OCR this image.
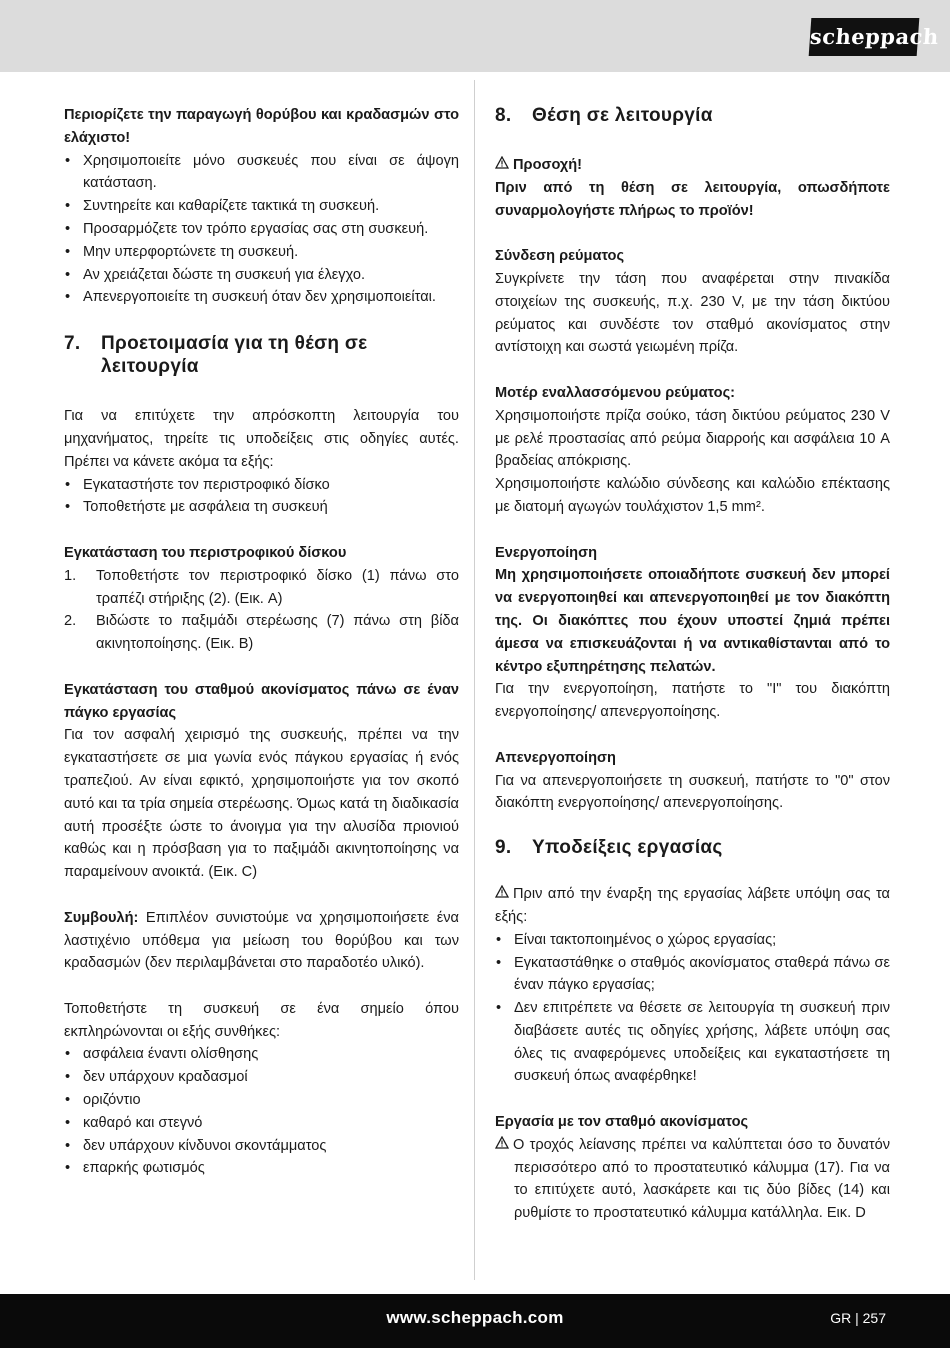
scheppach
Περιορίζετε την παραγωγή θορύβου και κραδασμών στο ελάχιστο!
• Χρησιμοποιείτε μόνο συσκευές που είναι σε άψογη κατάσταση.
• Συντηρείτε και καθαρίζετε τακτικά τη συσκευή.
• Προσαρμόζετε τον τρόπο εργασίας σας στη συσκευή.
• Μην υπερφορτώνετε τη συσκευή.
• Αν χρειάζεται δώστε τη συσκευή για έλεγχο.
• Απενεργοποιείτε τη συσκευή όταν δεν χρησιμοποιείται.
7.	Προετοιμασία για τη θέση σε λειτουργία
Για να επιτύχετε την απρόσκοπτη λειτουργία του μηχανήματος, τηρείτε τις υποδείξεις στις οδηγίες αυτές. Πρέπει να κάνετε ακόμα τα εξής:
• Εγκαταστήστε τον περιστροφικό δίσκο
• Τοποθετήστε με ασφάλεια τη συσκευή
Εγκατάσταση του περιστροφικού δίσκου
1.	Τοποθετήστε τον περιστροφικό δίσκο (1) πάνω στο τραπέζι στήριξης (2). (Εικ. A)
2.	Βιδώστε το παξιμάδι στερέωσης (7) πάνω στη βίδα ακινητοποίησης. (Εικ. B)
Εγκατάσταση του σταθμού ακονίσματος πάνω σε έναν πάγκο εργασίας
Για τον ασφαλή χειρισμό της συσκευής, πρέπει να την εγκαταστήσετε σε μια γωνία ενός πάγκου εργασίας ή ενός τραπεζιού. Αν είναι εφικτό, χρησιμοποιήστε για τον σκοπό αυτό και τα τρία σημεία στερέωσης. Όμως κατά τη διαδικασία αυτή προσέξτε ώστε το άνοιγμα για την αλυσίδα πριονιού καθώς και η πρόσβαση για το παξιμάδι ακινητοποίησης να παραμείνουν ανοικτά. (Εικ. C)
Συμβουλή: Επιπλέον συνιστούμε να χρησιμοποιήσετε ένα λαστιχένιο υπόθεμα για μείωση του θορύβου και των κραδασμών (δεν περιλαμβάνεται στο παραδοτέο υλικό).
Τοποθετήστε τη συσκευή σε ένα σημείο όπου εκπληρώνονται οι εξής συνθήκες:
• ασφάλεια έναντι ολίσθησης
• δεν υπάρχουν κραδασμοί
• οριζόντιο
• καθαρό και στεγνό
• δεν υπάρχουν κίνδυνοι σκοντάμματος
• επαρκής φωτισμός
8.	Θέση σε λειτουργία
Προσοχή!
Πριν από τη θέση σε λειτουργία, οπωσδήποτε συναρμολογήστε πλήρως το προϊόν!
Σύνδεση ρεύματος
Συγκρίνετε την τάση που αναφέρεται στην πινακίδα στοιχείων της συσκευής, π.χ. 230 V, με την τάση δικτύου ρεύματος και συνδέστε τον σταθμό ακονίσματος στην αντίστοιχη και σωστά γειωμένη πρίζα.
Μοτέρ εναλλασσόμενου ρεύματος:
Χρησιμοποιήστε πρίζα σούκο, τάση δικτύου ρεύματος 230 V με ρελέ προστασίας από ρεύμα διαρροής και ασφάλεια 10 A βραδείας απόκρισης.
Χρησιμοποιήστε καλώδιο σύνδεσης και καλώδιο επέκτασης με διατομή αγωγών τουλάχιστον 1,5 mm².
Ενεργοποίηση
Μη χρησιμοποιήσετε οποιαδήποτε συσκευή δεν μπορεί να ενεργοποιηθεί και απενεργοποιηθεί με τον διακόπτη της. Οι διακόπτες που έχουν υποστεί ζημιά πρέπει άμεσα να επισκευάζονται ή να αντικαθίστανται από το κέντρο εξυπηρέτησης πελατών.
Για την ενεργοποίηση, πατήστε το "I" του διακόπτη ενεργοποίησης/ απενεργοποίησης.
Απενεργοποίηση
Για να απενεργοποιήσετε τη συσκευή, πατήστε το "0" στον διακόπτη ενεργοποίησης/ απενεργοποίησης.
9.	Υποδείξεις εργασίας
Πριν από την έναρξη της εργασίας λάβετε υπόψη σας τα εξής:
• Είναι τακτοποιημένος ο χώρος εργασίας;
• Εγκαταστάθηκε ο σταθμός ακονίσματος σταθερά πάνω σε έναν πάγκο εργασίας;
• Δεν επιτρέπετε να θέσετε σε λειτουργία τη συσκευή πριν διαβάσετε αυτές τις οδηγίες χρήσης, λάβετε υπόψη σας όλες τις αναφερόμενες υποδείξεις και εγκαταστήσετε τη συσκευή όπως αναφέρθηκε!
Εργασία με τον σταθμό ακονίσματος
Ο τροχός λείανσης πρέπει να καλύπτεται όσο το δυνατόν περισσότερο από το προστατευτικό κάλυμμα (17). Για να το επιτύχετε αυτό, λασκάρετε και τις δύο βίδες (14) και ρυθμίστε το προστατευτικό κάλυμμα κατάλληλα. Εικ. D
www.scheppach.com	GR | 257
